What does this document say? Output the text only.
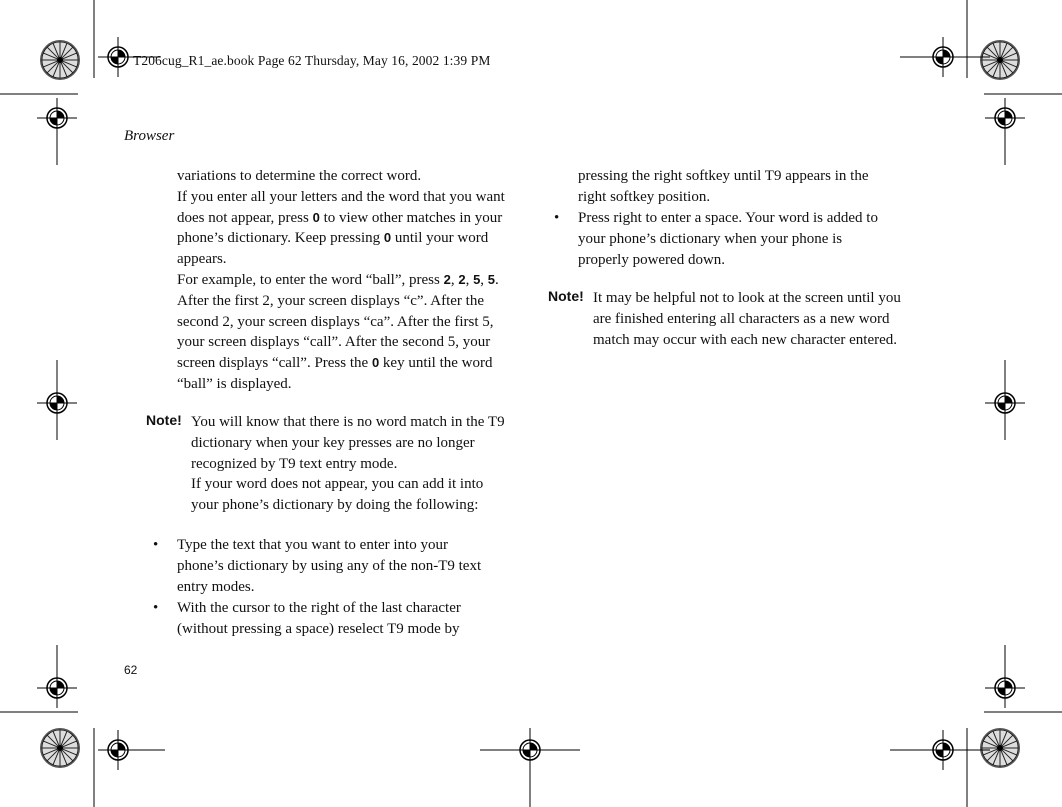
T206cug_R1_ae.book Page 62 Thursday, May 16, 2002 1:39 PM
Browser
variations to determine the correct word.
If you enter all your letters and the word that you want does not appear, press 0 to view other matches in your phone’s dictionary. Keep pressing 0 until your word appears.
For example, to enter the word “ball”, press 2, 2, 5, 5. After the first 2, your screen displays “c”. After the second 2, your screen displays “ca”. After the first 5, your screen displays “call”. After the second 5, your screen displays “call”. Press the 0 key until the word “ball” is displayed.
Note! You will know that there is no word match in the T9 dictionary when your key presses are no longer recognized by T9 text entry mode.
If your word does not appear, you can add it into your phone’s dictionary by doing the following:
• Type the text that you want to enter into your phone’s dictionary by using any of the non-T9 text entry modes.
• With the cursor to the right of the last character (without pressing a space) reselect T9 mode by
pressing the right softkey until T9 appears in the right softkey position.
• Press right to enter a space. Your word is added to your phone’s dictionary when your phone is properly powered down.
Note! It may be helpful not to look at the screen until you are finished entering all characters as a new word match may occur with each new character entered.
62
